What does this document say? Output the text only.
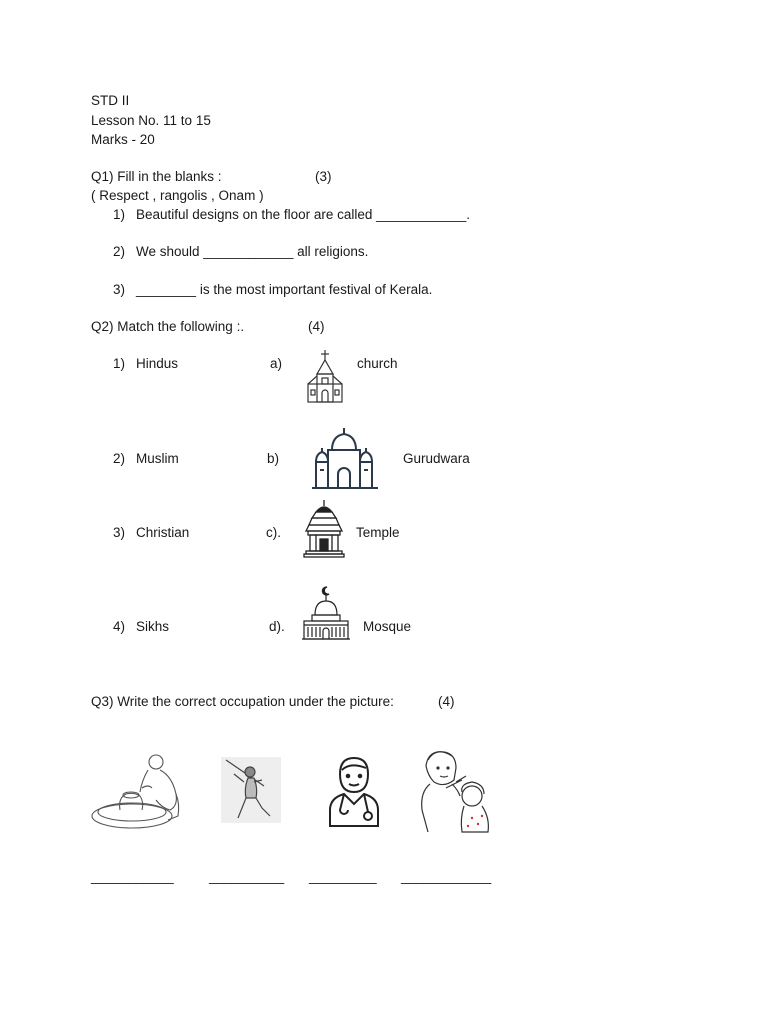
STD II
Lesson No. 11 to 15
Marks - 20
Q1) Fill in the blanks :	(3)
( Respect , rangolis , Onam )
1) Beautiful designs on the floor are called ____________.
2) We should ____________ all religions.
3) ________ is the most important festival of Kerala.
Q2) Match the following :.	(4)
1) Hindus	a)	church
2) Muslim	b)	Gurudwara
3) Christian	c).	Temple
4) Sikhs	d).	Mosque
Q3) Write the correct occupation under the picture:	(4)
___________	__________ _________ ____________
